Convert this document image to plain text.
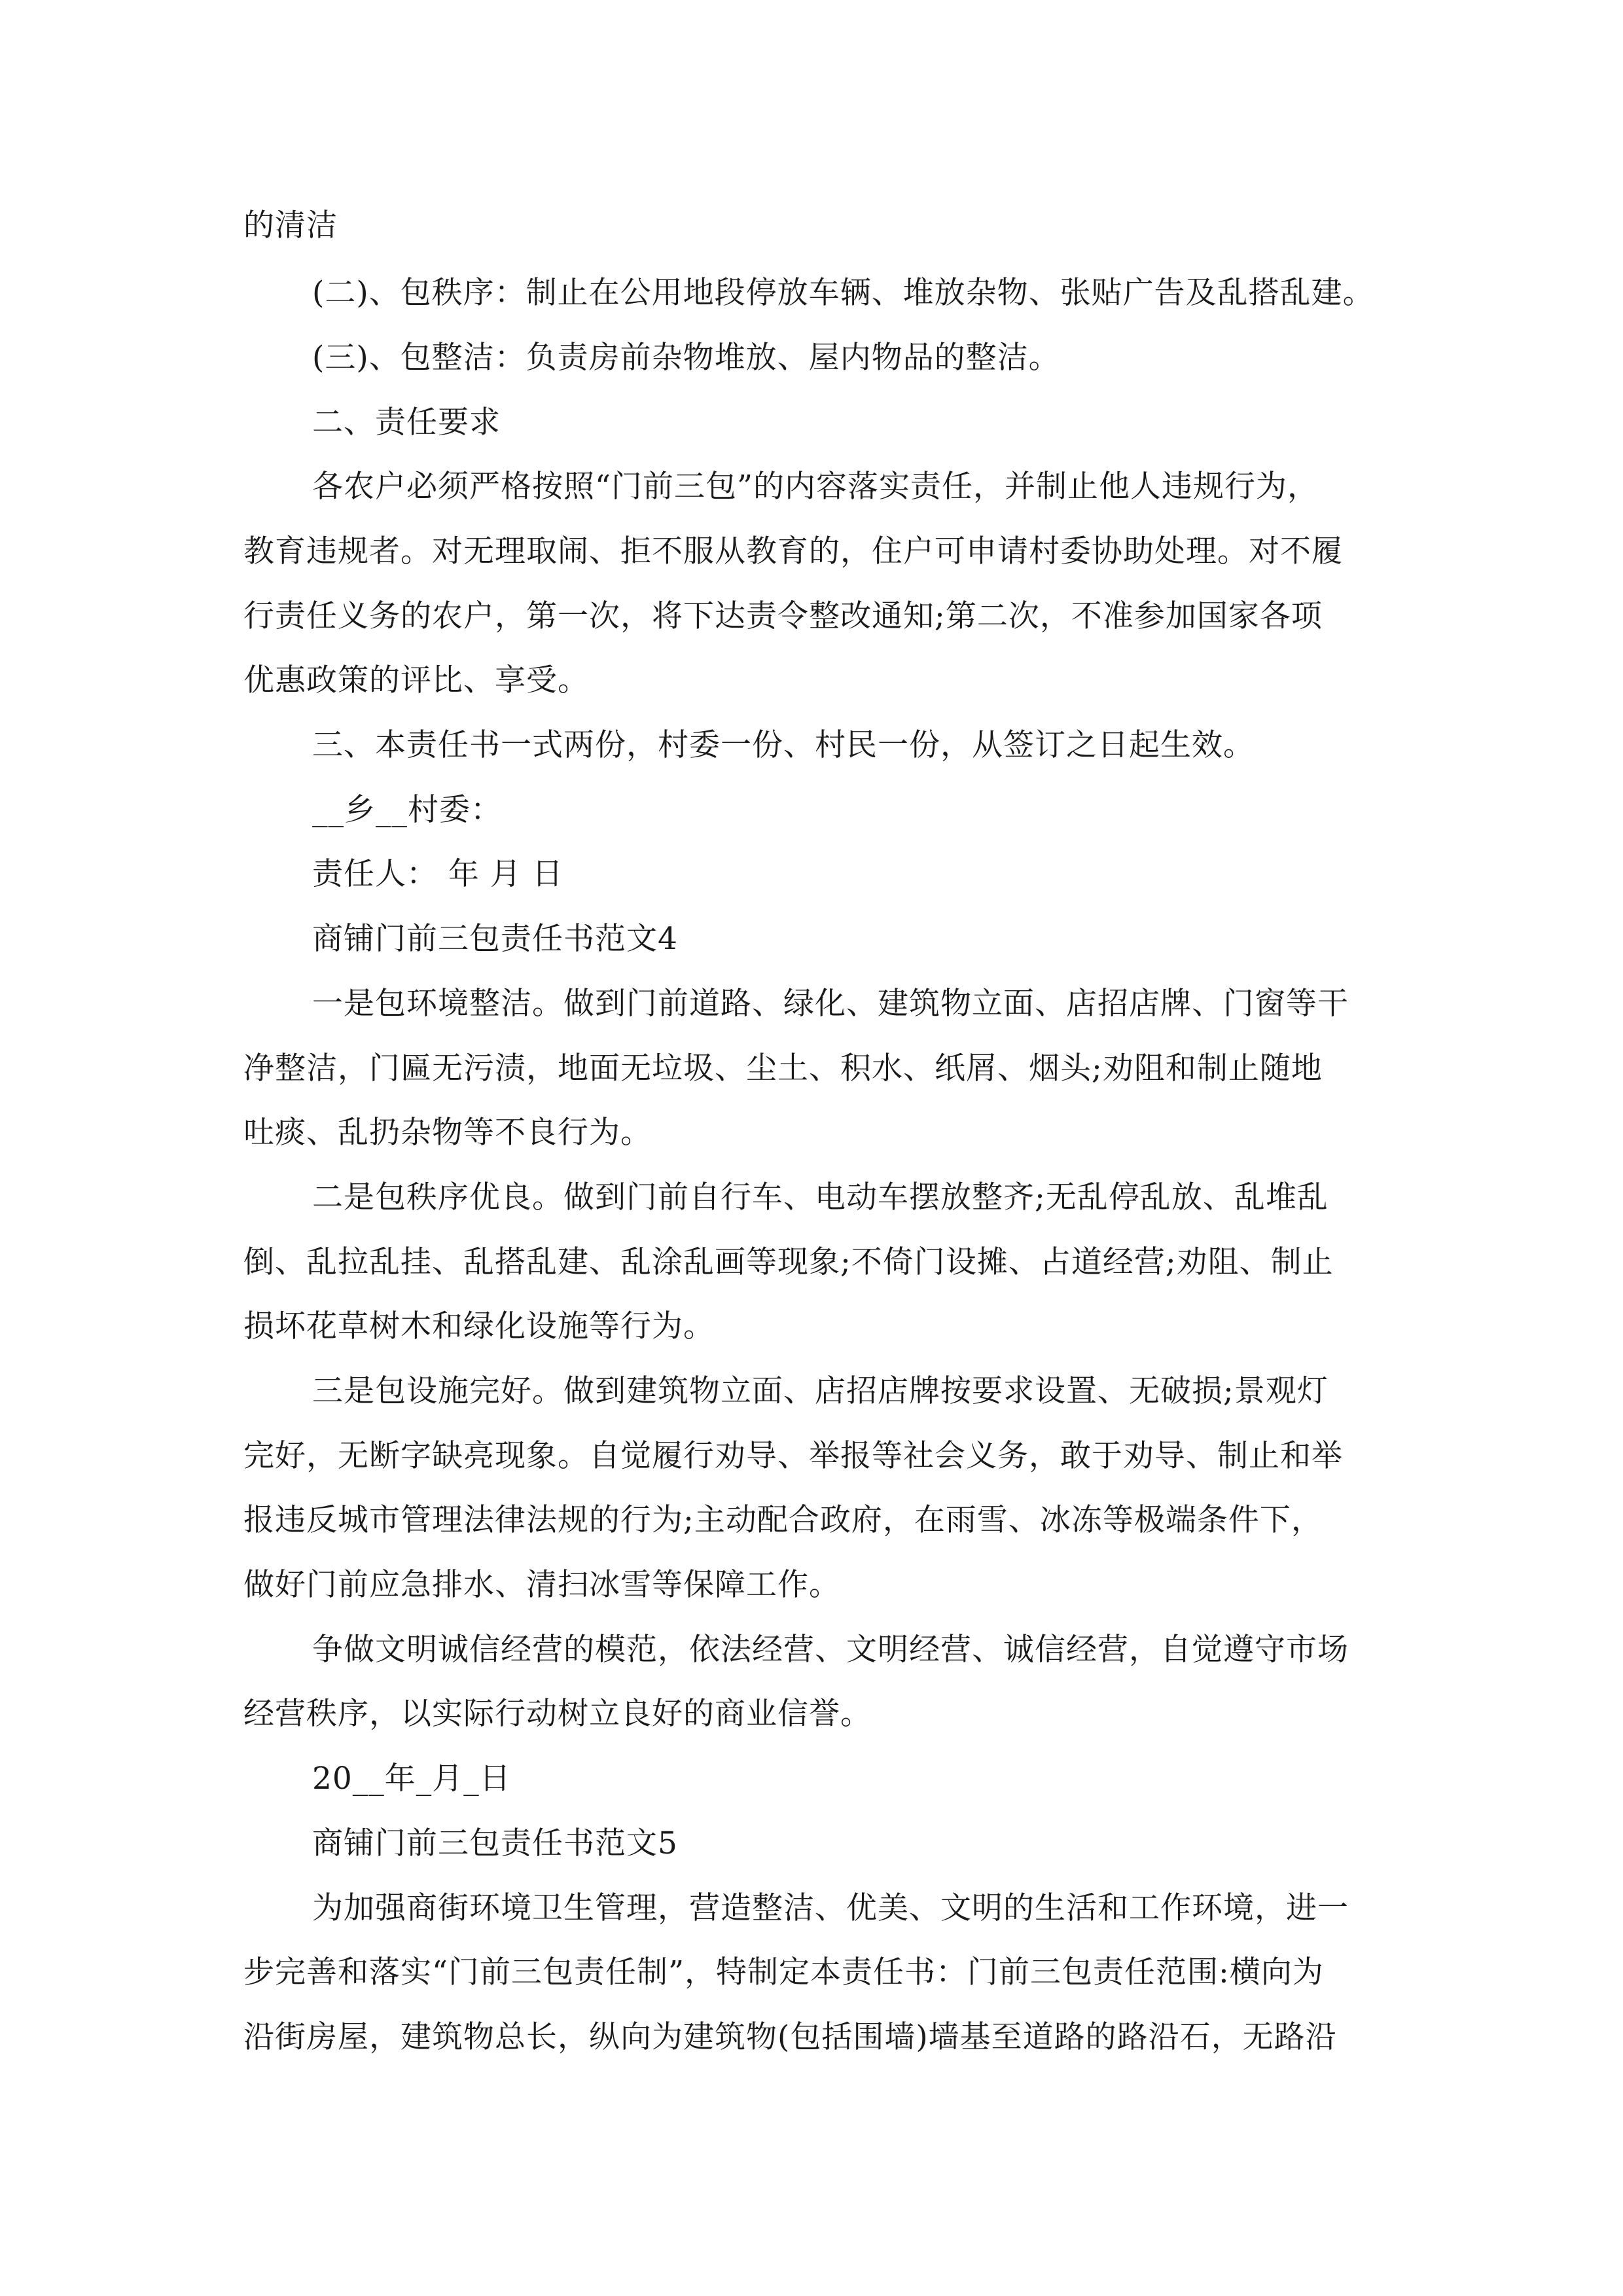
的清洁
(二)、包秩序：制止在公用地段停放车辆、堆放杂物、张贴广告及乱搭乱建。
(三)、包整洁：负责房前杂物堆放、屋内物品的整洁。
二、责任要求
各农户必须严格按照“门前三包”的内容落实责任，并制止他人违规行为，
教育违规者。对无理取闹、拒不服从教育的，住户可申请村委协助处理。对不履
行责任义务的农户，第一次，将下达责令整改通知;第二次，不准参加国家各项
优惠政策的评比、享受。
三、本责任书一式两份，村委一份、村民一份，从签订之日起生效。
__乡__村委：
责任人： 年 月 日
商铺门前三包责任书范文4
一是包环境整洁。做到门前道路、绿化、建筑物立面、店招店牌、门窗等干
净整洁，门匾无污渍，地面无垃圾、尘土、积水、纸屑、烟头;劝阻和制止随地
吐痰、乱扔杂物等不良行为。
二是包秩序优良。做到门前自行车、电动车摆放整齐;无乱停乱放、乱堆乱
倒、乱拉乱挂、乱搭乱建、乱涂乱画等现象;不倚门设摊、占道经营;劝阻、制止
损坏花草树木和绿化设施等行为。
三是包设施完好。做到建筑物立面、店招店牌按要求设置、无破损;景观灯
完好，无断字缺亮现象。自觉履行劝导、举报等社会义务，敢于劝导、制止和举
报违反城市管理法律法规的行为;主动配合政府，在雨雪、冰冻等极端条件下，
做好门前应急排水、清扫冰雪等保障工作。
争做文明诚信经营的模范，依法经营、文明经营、诚信经营，自觉遵守市场
经营秩序，以实际行动树立良好的商业信誉。
20__年_月_日
商铺门前三包责任书范文5
为加强商街环境卫生管理，营造整洁、优美、文明的生活和工作环境，进一
步完善和落实“门前三包责任制”，特制定本责任书：门前三包责任范围:横向为
沿街房屋，建筑物总长，纵向为建筑物(包括围墙)墙基至道路的路沿石，无路沿
